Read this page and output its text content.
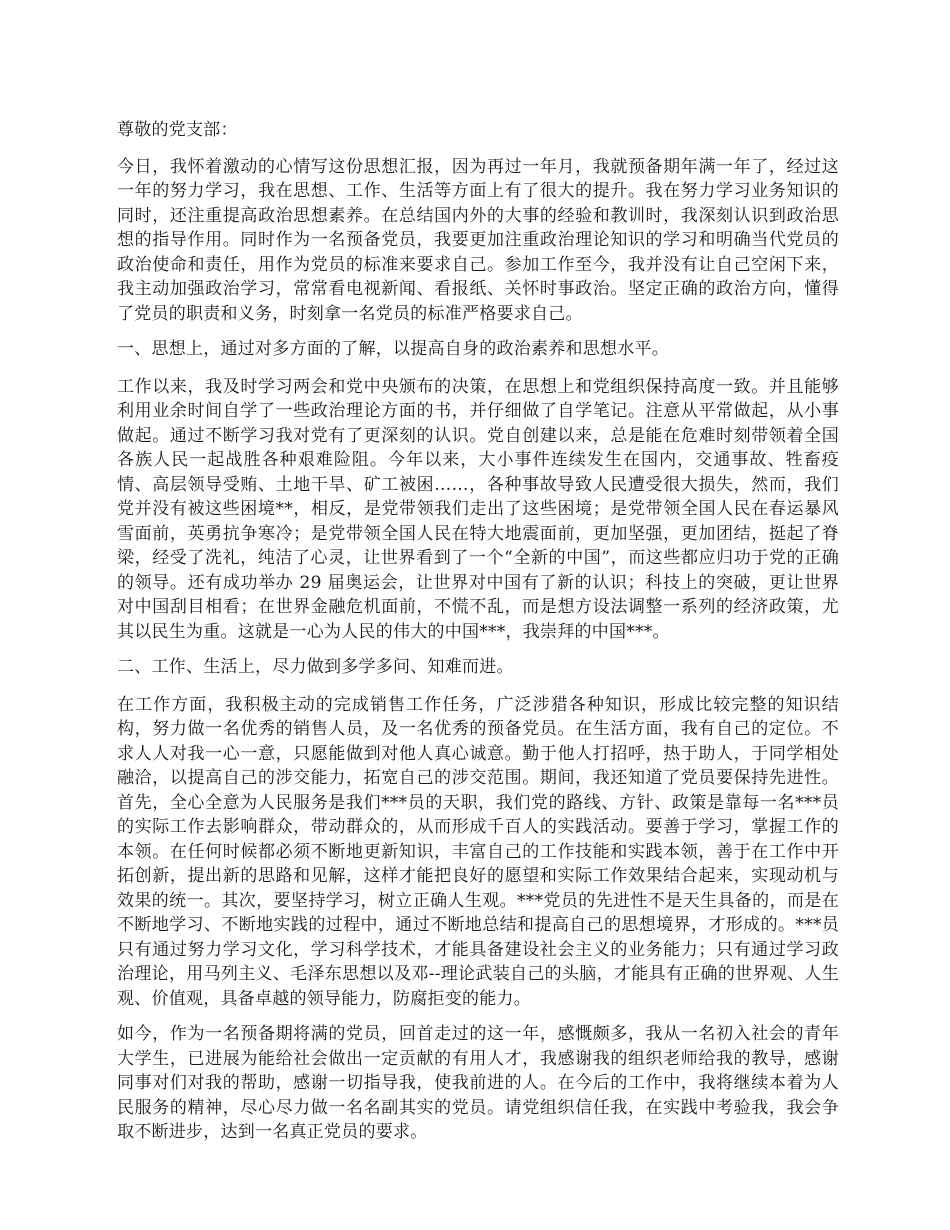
尊敬的党支部：

今日，我怀着激动的心情写这份思想汇报，因为再过一年月，我就预备期年满一年了，经过这一年的努力学习，我在思想、工作、生活等方面上有了很大的提升。我在努力学习业务知识的同时，还注重提高政治思想素养。在总结国内外的大事的经验和教训时，我深刻认识到政治思想的指导作用。同时作为一名预备党员，我要更加注重政治理论知识的学习和明确当代党员的政治使命和责任，用作为党员的标准来要求自己。参加工作至今，我并没有让自己空闲下来，我主动加强政治学习，常常看电视新闻、看报纸、关怀时事政治。坚定正确的政治方向，懂得了党员的职责和义务，时刻拿一名党员的标准严格要求自己。

一、思想上，通过对多方面的了解，以提高自身的政治素养和思想水平。

工作以来，我及时学习两会和党中央颁布的决策，在思想上和党组织保持高度一致。并且能够利用业余时间自学了一些政治理论方面的书，并仔细做了自学笔记。注意从平常做起，从小事做起。通过不断学习我对党有了更深刻的认识。党自创建以来，总是能在危难时刻带领着全国各族人民一起战胜各种艰难险阻。今年以来，大小事件连续发生在国内，交通事故、牲畜疫情、高层领导受贿、土地干旱、矿工被困……，各种事故导致人民遭受很大损失，然而，我们党并没有被这些困境**，相反，是党带领我们走出了这些困境；是党带领全国人民在春运暴风雪面前，英勇抗争寒冷；是党带领全国人民在特大地震面前，更加坚强，更加团结，挺起了脊梁，经受了洗礼，纯洁了心灵，让世界看到了一个“全新的中国”，而这些都应归功于党的正确的领导。还有成功举办 29 届奥运会，让世界对中国有了新的认识；科技上的突破，更让世界对中国刮目相看；在世界金融危机面前，不慌不乱，而是想方设法调整一系列的经济政策，尤其以民生为重。这就是一心为人民的伟大的中国***，我崇拜的中国***。

二、工作、生活上，尽力做到多学多问、知难而进。

在工作方面，我积极主动的完成销售工作任务，广泛涉猎各种知识，形成比较完整的知识结构，努力做一名优秀的销售人员，及一名优秀的预备党员。在生活方面，我有自己的定位。不求人人对我一心一意，只愿能做到对他人真心诚意。勤于他人打招呼，热于助人，于同学相处融洽，以提高自己的涉交能力，拓宽自己的涉交范围。期间，我还知道了党员要保持先进性。首先，全心全意为人民服务是我们***员的天职，我们党的路线、方针、政策是靠每一名***员的实际工作去影响群众，带动群众的，从而形成千百人的实践活动。要善于学习，掌握工作的本领。在任何时候都必须不断地更新知识，丰富自己的工作技能和实践本领，善于在工作中开拓创新，提出新的思路和见解，这样才能把良好的愿望和实际工作效果结合起来，实现动机与效果的统一。其次，要坚持学习，树立正确人生观。***党员的先进性不是天生具备的，而是在不断地学习、不断地实践的过程中，通过不断地总结和提高自己的思想境界，才形成的。***员只有通过努力学习文化，学习科学技术，才能具备建设社会主义的业务能力；只有通过学习政治理论，用马列主义、毛泽东思想以及邓--理论武装自己的头脑，才能具有正确的世界观、人生观、价值观，具备卓越的领导能力，防腐拒变的能力。

如今，作为一名预备期将满的党员，回首走过的这一年，感慨颇多，我从一名初入社会的青年大学生，已进展为能给社会做出一定贡献的有用人才，我感谢我的组织老师给我的教导，感谢同事对们对我的帮助，感谢一切指导我，使我前进的人。在今后的工作中，我将继续本着为人民服务的精神，尽心尽力做一名名副其实的党员。请党组织信任我，在实践中考验我，我会争取不断进步，达到一名真正党员的要求。
